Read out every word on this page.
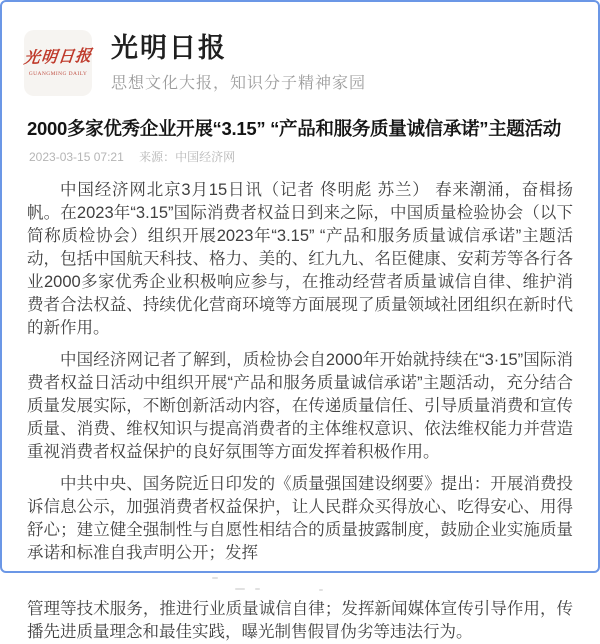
光明日报
GUANGMING DAILY
光明日报

思想文化大报，知识分子精神家园

2000多家优秀企业开展“3.15” “产品和服务质量诚信承诺”主题活动
2023-03-15 07:21 来源：中国经济网

中国经济网北京3月15日讯（记者 佟明彪 苏兰） 春来潮涌，奋楫扬帆。在2023年“3.15”国际消费者权益日到来之际，中国质量检验协会（以下简称质检协会）组织开展2023年“3.15” “产品和服务质量诚信承诺”主题活动，包括中国航天科技、格力、美的、红九九、名臣健康、安莉芳等各行各业2000多家优秀企业积极响应参与，在推动经营者质量诚信自律、维护消费者合法权益、持续优化营商环境等方面展现了质量领域社团组织在新时代的新作用。

中国经济网记者了解到，质检协会自2000年开始就持续在“3·15”国际消费者权益日活动中组织开展“产品和服务质量诚信承诺”主题活动，充分结合质量发展实际，不断创新活动内容，在传递质量信任、引导质量消费和宣传质量、消费、维权知识与提高消费者的主体维权意识、依法维权能力并营造重视消费者权益保护的良好氛围等方面发挥着积极作用。

中共中央、国务院近日印发的《质量强国建设纲要》提出：开展消费投诉信息公示，加强消费者权益保护，让人民群众买得放心、吃得安心、用得舒心；建立健全强制性与自愿性相结合的质量披露制度，鼓励企业实施质量承诺和标准自我声明公开；发挥

管理等技术服务，推进行业质量诚信自律；发挥新闻媒体宣传引导作用，传播先进质量理念和最佳实践，曝光制售假冒伪劣等违法行为。
